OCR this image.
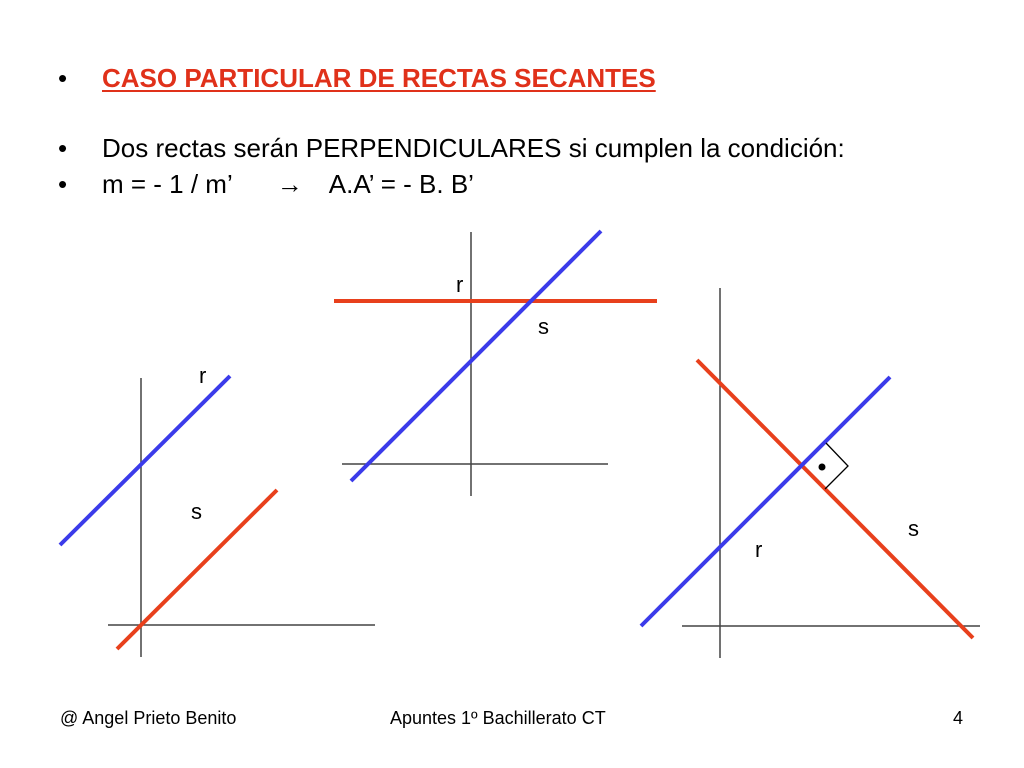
• CASO PARTICULAR DE RECTAS SECANTES
• Dos rectas serán PERPENDICULARES si cumplen la condición:
• m = - 1 / m’ → A.A’ = - B. B’
r
s
r
s
r
s
@ Angel Prieto Benito	Apuntes 1º Bachillerato CT	4
